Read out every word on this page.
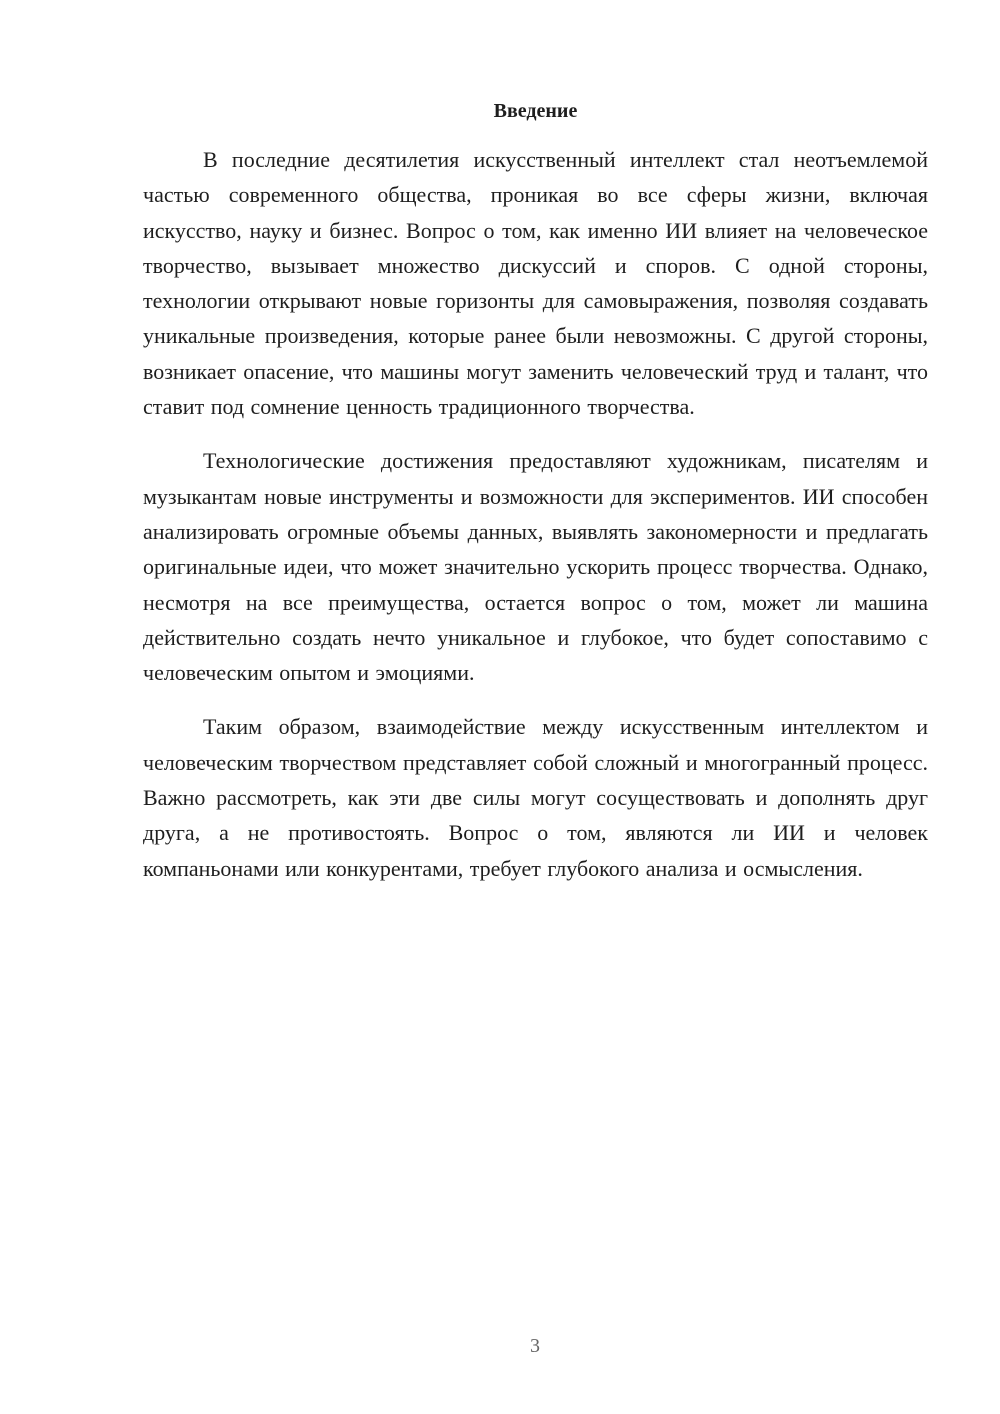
Введение

В последние десятилетия искусственный интеллект стал неотъемлемой частью современного общества, проникая во все сферы жизни, включая искусство, науку и бизнес. Вопрос о том, как именно ИИ влияет на человеческое творчество, вызывает множество дискуссий и споров. С одной стороны, технологии открывают новые горизонты для самовыражения, позволяя создавать уникальные произведения, которые ранее были невозможны. С другой стороны, возникает опасение, что машины могут заменить человеческий труд и талант, что ставит под сомнение ценность традиционного творчества.

Технологические достижения предоставляют художникам, писателям и музыкантам новые инструменты и возможности для экспериментов. ИИ способен анализировать огромные объемы данных, выявлять закономерности и предлагать оригинальные идеи, что может значительно ускорить процесс творчества. Однако, несмотря на все преимущества, остается вопрос о том, может ли машина действительно создать нечто уникальное и глубокое, что будет сопоставимо с человеческим опытом и эмоциями.

Таким образом, взаимодействие между искусственным интеллектом и человеческим творчеством представляет собой сложный и многогранный процесс. Важно рассмотреть, как эти две силы могут сосуществовать и дополнять друг друга, а не противостоять. Вопрос о том, являются ли ИИ и человек компаньонами или конкурентами, требует глубокого анализа и осмысления.

3
